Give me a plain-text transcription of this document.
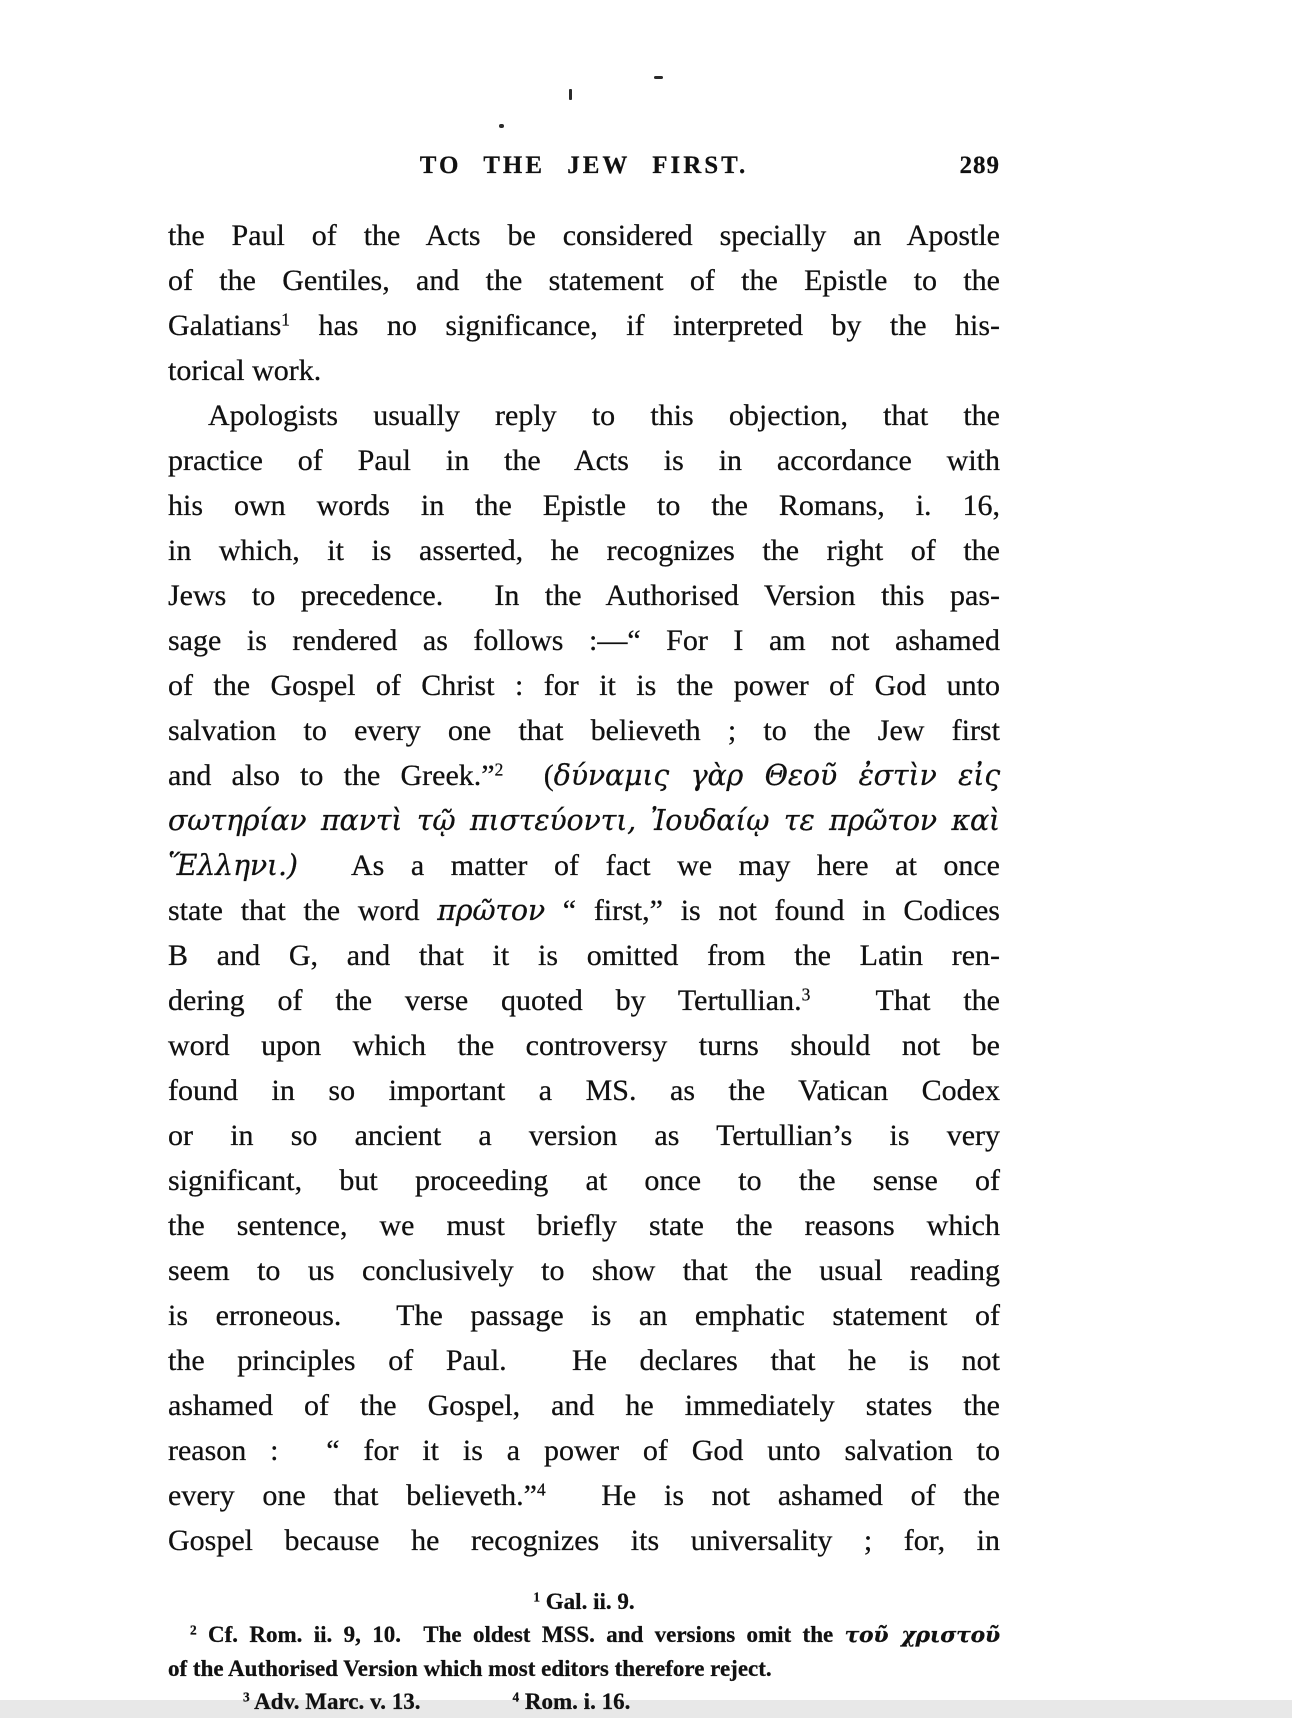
TO THE JEW FIRST.	289
the Paul of the Acts be considered specially an Apostle
of the Gentiles, and the statement of the Epistle to the
Galatians$^1$ has no significance, if interpreted by the his-
torical work.
Apologists usually reply to this objection, that the
practice of Paul in the Acts is in accordance with
his own words in the Epistle to the Romans, i. 16,
in which, it is asserted, he recognizes the right of the
Jews to precedence.  In the Authorised Version this pas-
sage is rendered as follows :—“ For I am not ashamed
of the Gospel of Christ : for it is the power of God unto
salvation to every one that believeth ; to the Jew first
and also to the Greek.”$^2$  (δύναμις γὰρ Θεοῦ ἐστὶν εἰς
σωτηρίαν παντὶ τῷ πιστεύοντι, Ἰουδαίῳ τε πρῶτον καὶ
Ἕλληνι.)  As a matter of fact we may here at once
state that the word πρῶτον “ first,” is not found in Codices
B and G, and that it is omitted from the Latin ren-
dering of the verse quoted by Tertullian.$^3$  That the
word upon which the controversy turns should not be
found in so important a MS. as the Vatican Codex
or in so ancient a version as Tertullian’s is very
significant, but proceeding at once to the sense of
the sentence, we must briefly state the reasons which
seem to us conclusively to show that the usual reading
is erroneous.  The passage is an emphatic statement of
the principles of Paul.  He declares that he is not
ashamed of the Gospel, and he immediately states the
reason :  “ for it is a power of God unto salvation to
every one that believeth.”$^4$  He is not ashamed of the
Gospel because he recognizes its universality ; for, in
$^1$ Gal. ii. 9.
$^2$ Cf. Rom. ii. 9, 10.  The oldest MSS. and versions omit the τοῦ χριστοῦ
of the Authorised Version which most editors therefore reject.
$^3$ Adv. Marc. v. 13.	$^4$ Rom. i. 16.
